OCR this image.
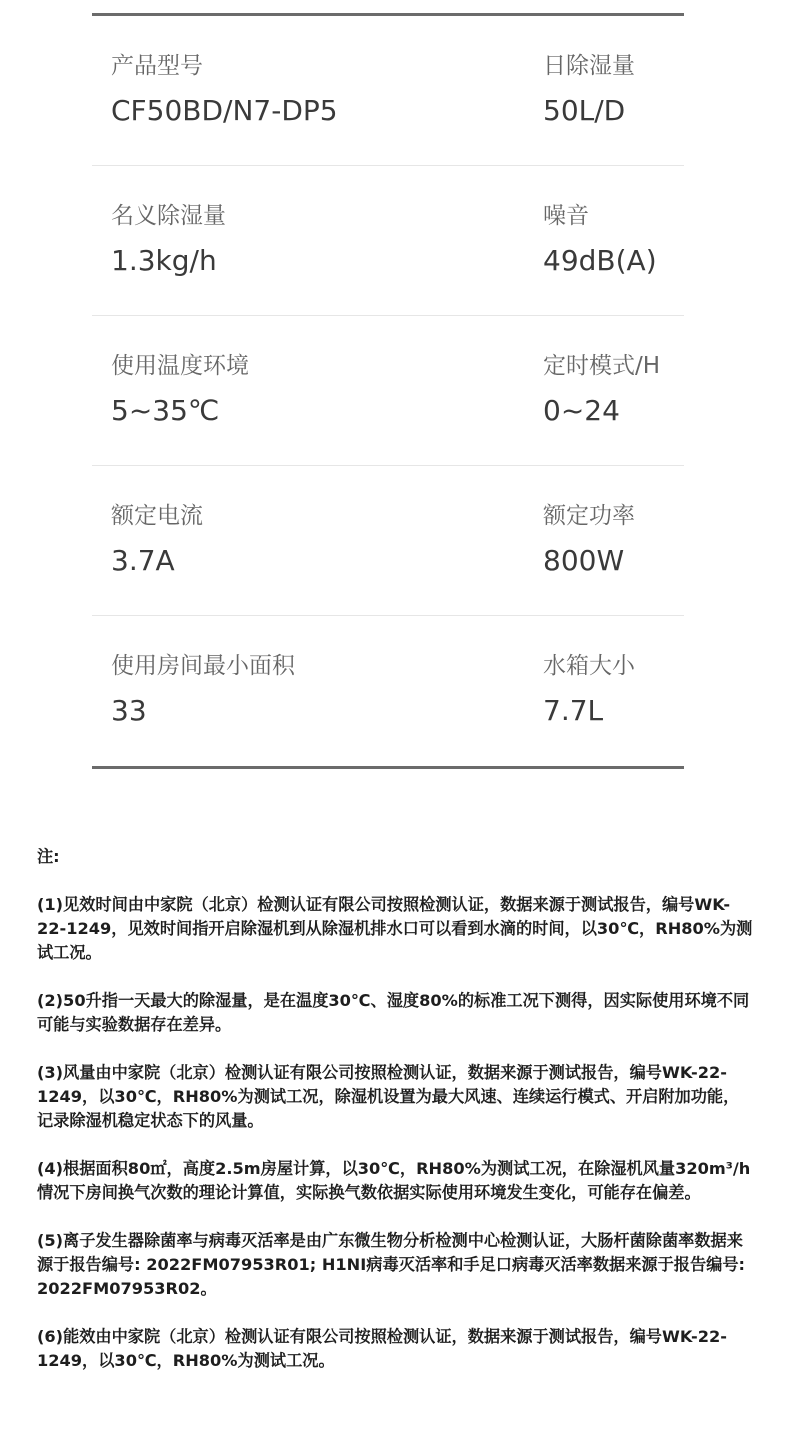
产品型号
CF50BD/N7-DP5
日除湿量
50L/D
名义除湿量
1.3kg/h
噪音
49dB(A)
使用温度环境
5~35℃
定时模式/H
0~24
额定电流
3.7A
额定功率
800W
使用房间最小面积
33
水箱大小
7.7L

注:

(1)见效时间由中家院（北京）检测认证有限公司按照检测认证，数据来源于测试报告，编号WK-22-1249，见效时间指开启除湿机到从除湿机排水口可以看到水滴的时间，以30℃，RH80%为测试工况。

(2)50升指一天最大的除湿量，是在温度30℃、湿度80%的标准工况下测得，因实际使用环境不同可能与实验数据存在差异。

(3)风量由中家院（北京）检测认证有限公司按照检测认证，数据来源于测试报告，编号WK-22-1249，以30℃，RH80%为测试工况，除湿机设置为最大风速、连续运行模式、开启附加功能，记录除湿机稳定状态下的风量。

(4)根据面积80㎡，高度2.5m房屋计算，以30℃，RH80%为测试工况，在除湿机风量320m³/h情况下房间换气次数的理论计算值，实际换气数依据实际使用环境发生变化，可能存在偏差。

(5)离子发生器除菌率与病毒灭活率是由广东微生物分析检测中心检测认证，大肠杆菌除菌率数据来源于报告编号: 2022FM07953R01; H1NI病毒灭活率和手足口病毒灭活率数据来源于报告编号: 2022FM07953R02。

(6)能效由中家院（北京）检测认证有限公司按照检测认证，数据来源于测试报告，编号WK-22-1249，以30℃，RH80%为测试工况。
